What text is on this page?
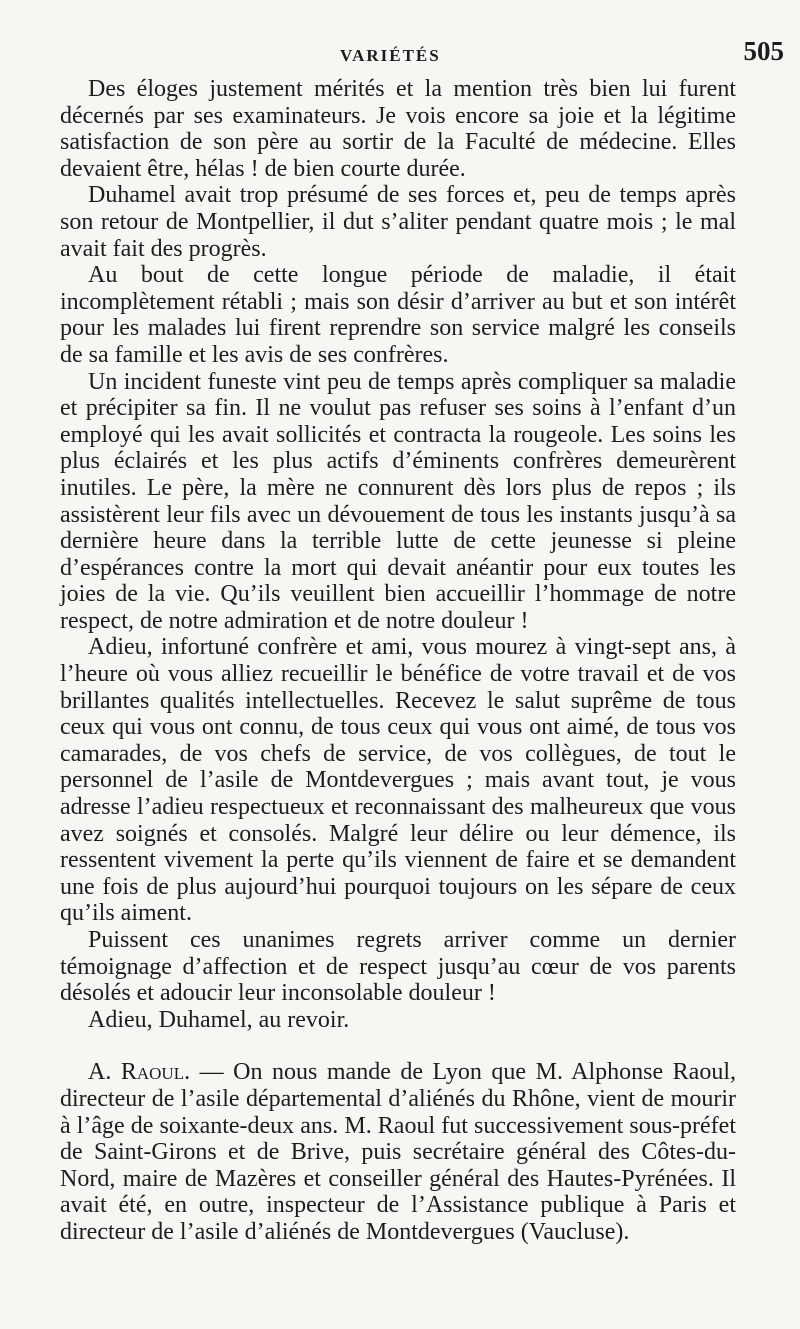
VARIÉTÉS	505

Des éloges justement mérités et la mention très bien lui furent décernés par ses examinateurs. Je vois encore sa joie et la légitime satisfaction de son père au sortir de la Faculté de médecine. Elles devaient être, hélas ! de bien courte durée.

Duhamel avait trop présumé de ses forces et, peu de temps après son retour de Montpellier, il dut s’aliter pendant quatre mois ; le mal avait fait des progrès.

Au bout de cette longue période de maladie, il était incomplètement rétabli ; mais son désir d’arriver au but et son intérêt pour les malades lui firent reprendre son service malgré les conseils de sa famille et les avis de ses confrères.

Un incident funeste vint peu de temps après compliquer sa maladie et précipiter sa fin. Il ne voulut pas refuser ses soins à l’enfant d’un employé qui les avait sollicités et contracta la rougeole. Les soins les plus éclairés et les plus actifs d’éminents confrères demeurèrent inutiles. Le père, la mère ne connurent dès lors plus de repos ; ils assistèrent leur fils avec un dévouement de tous les instants jusqu’à sa dernière heure dans la terrible lutte de cette jeunesse si pleine d’espérances contre la mort qui devait anéantir pour eux toutes les joies de la vie. Qu’ils veuillent bien accueillir l’hommage de notre respect, de notre admiration et de notre douleur !

Adieu, infortuné confrère et ami, vous mourez à vingt-sept ans, à l’heure où vous alliez recueillir le bénéfice de votre travail et de vos brillantes qualités intellectuelles. Recevez le salut suprême de tous ceux qui vous ont connu, de tous ceux qui vous ont aimé, de tous vos camarades, de vos chefs de service, de vos collègues, de tout le personnel de l’asile de Montdevergues ; mais avant tout, je vous adresse l’adieu respectueux et reconnaissant des malheureux que vous avez soignés et consolés. Malgré leur délire ou leur démence, ils ressentent vivement la perte qu’ils viennent de faire et se demandent une fois de plus aujourd’hui pourquoi toujours on les sépare de ceux qu’ils aiment.

Puissent ces unanimes regrets arriver comme un dernier témoignage d’affection et de respect jusqu’au cœur de vos parents désolés et adoucir leur inconsolable douleur !

Adieu, Duhamel, au revoir.

A. Raoul. — On nous mande de Lyon que M. Alphonse Raoul, directeur de l’asile départemental d’aliénés du Rhône, vient de mourir à l’âge de soixante-deux ans. M. Raoul fut successivement sous-préfet de Saint-Girons et de Brive, puis secrétaire général des Côtes-du-Nord, maire de Mazères et conseiller général des Hautes-Pyrénées. Il avait été, en outre, inspecteur de l’Assistance publique à Paris et directeur de l’asile d’aliénés de Montdevergues (Vaucluse).
